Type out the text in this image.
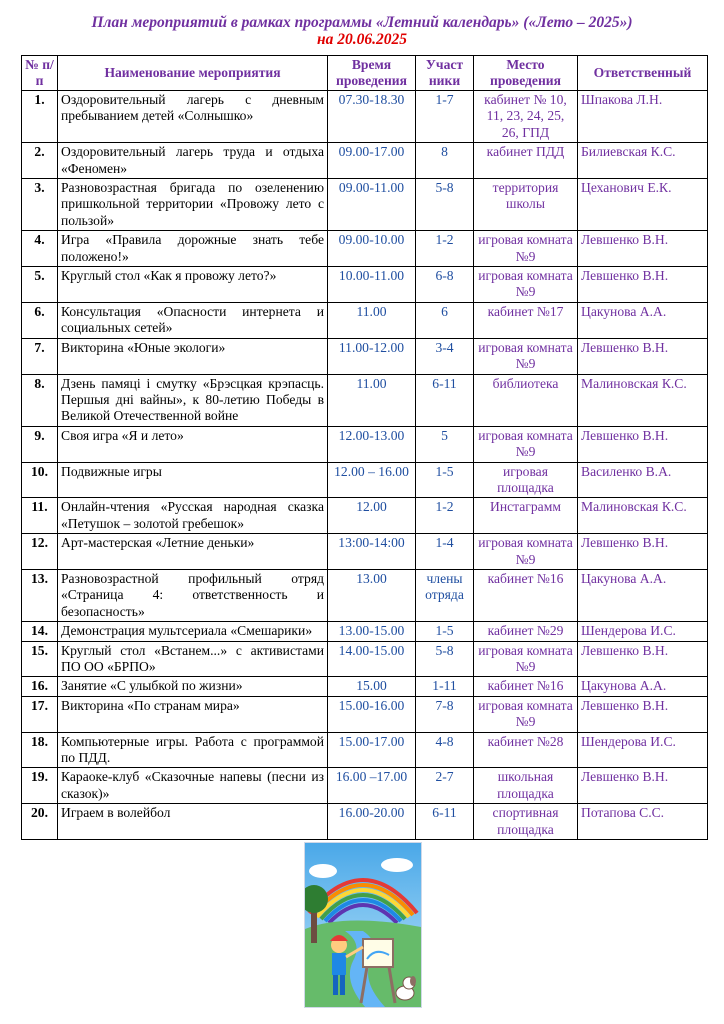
План мероприятий в рамках программы «Летний календарь» («Лето – 2025»)
на 20.06.2025
№ п/п	Наименование мероприятия	Время проведения	Участ ники	Место проведения	Ответственный
1.	Оздоровительный лагерь с дневным пребыванием детей «Солнышко»	07.30-18.30	1-7	кабинет № 10, 11, 23, 24, 25, 26, ГПД	Шпакова Л.Н.
2.	Оздоровительный лагерь труда и отдыха «Феномен»	09.00-17.00	8	кабинет ПДД	Билиевская К.С.
3.	Разновозрастная бригада по озеленению пришкольной территории «Провожу лето с пользой»	09.00-11.00	5-8	территория школы	Цеханович Е.К.
4.	Игра «Правила дорожные знать тебе положено!»	09.00-10.00	1-2	игровая комната №9	Левшенко В.Н.
5.	Круглый стол «Как я провожу лето?»	10.00-11.00	6-8	игровая комната №9	Левшенко В.Н.
6.	Консультация «Опасности интернета и социальных сетей»	11.00	6	кабинет №17	Цакунова А.А.
7.	Викторина «Юные экологи»	11.00-12.00	3-4	игровая комната №9	Левшенко В.Н.
8.	Дзень памяці і смутку «Брэсцкая крэпасць. Першыя дні вайны», к 80-летию Победы в Великой Отечественной войне	11.00	6-11	библиотека	Малиновская К.С.
9.	Своя игра «Я и лето»	12.00-13.00	5	игровая комната №9	Левшенко В.Н.
10.	Подвижные игры	12.00 – 16.00	1-5	игровая площадка	Василенко В.А.
11.	Онлайн-чтения «Русская народная сказка «Петушок – золотой гребешок»	12.00	1-2	Инстаграмм	Малиновская К.С.
12.	Арт-мастерская «Летние деньки»	13:00-14:00	1-4	игровая комната №9	Левшенко В.Н.
13.	Разновозрастной профильный отряд «Страница 4: ответственность и безопасность»	13.00	члены отряда	кабинет №16	Цакунова А.А.
14.	Демонстрация мультсериала «Смешарики»	13.00-15.00	1-5	кабинет №29	Шендерова И.С.
15.	Круглый стол «Встанем...» с активистами ПО ОО «БРПО»	14.00-15.00	5-8	игровая комната №9	Левшенко В.Н.
16.	Занятие «С улыбкой по жизни»	15.00	1-11	кабинет №16	Цакунова А.А.
17.	Викторина «По странам мира»	15.00-16.00	7-8	игровая комната №9	Левшенко В.Н.
18.	Компьютерные игры. Работа с программой по ПДД.	15.00-17.00	4-8	кабинет №28	Шендерова И.С.
19.	Караоке-клуб «Сказочные напевы (песни из сказок)»	16.00 –17.00	2-7	школьная площадка	Левшенко В.Н.
20.	Играем в волейбол	16.00-20.00	6-11	спортивная площадка	Потапова С.С.
